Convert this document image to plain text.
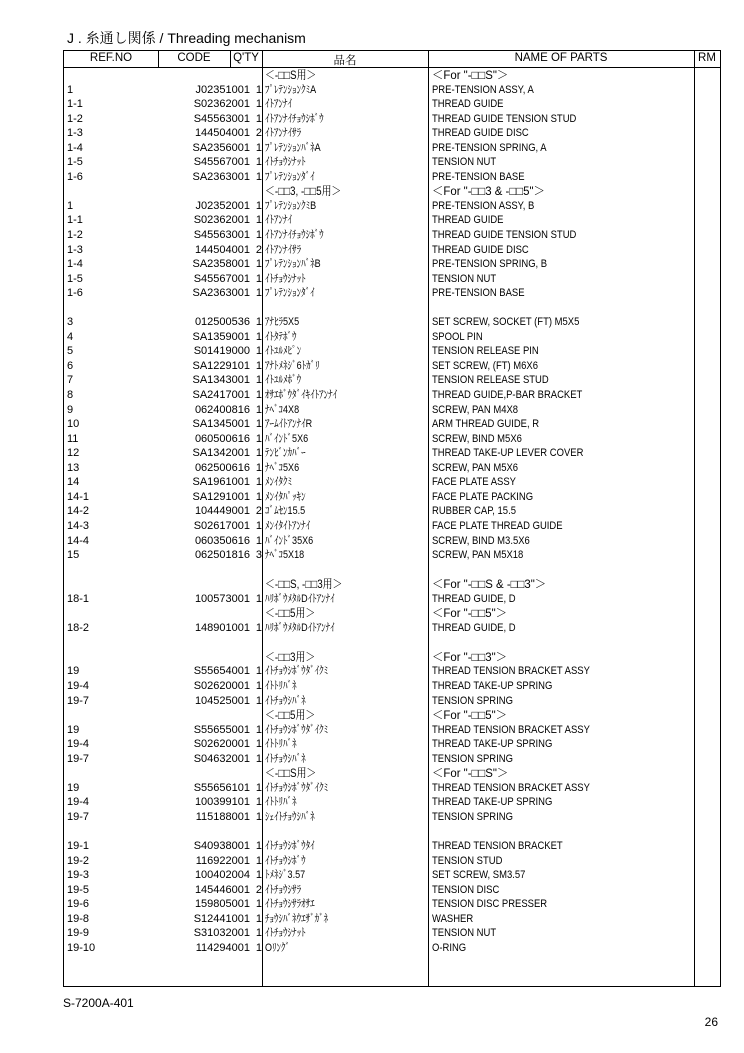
J . 糸通し関係 / Threading mechanism
REF.NO	CODE	Q'TY	品名	NAME OF PARTS	RM
＜-□□S用＞	＜For "-□□S"＞
1	J02351001 1 ﾌﾟﾚﾃﾝｼｮﾝｸﾐA	PRE-TENSION ASSY, A
1-1	S02362001 1 ｲﾄｱﾝﾅｲ	THREAD GUIDE
1-2	S45563001 1 ｲﾄｱﾝﾅｲﾁｮｳｼﾎﾞｳ	THREAD GUIDE TENSION STUD
1-3	144504001 2 ｲﾄｱﾝﾅｲｻﾗ	THREAD GUIDE DISC
1-4	SA2356001 1 ﾌﾟﾚﾃﾝｼｮﾝﾊﾞﾈA	PRE-TENSION SPRING, A
1-5	S45567001 1 ｲﾄﾁｮｳｼﾅｯﾄ	TENSION NUT
1-6	SA2363001 1 ﾌﾟﾚﾃﾝｼｮﾝﾀﾞｲ	PRE-TENSION BASE
＜-□□3, -□□5用＞	＜For "-□□3 & -□□5"＞
1	J02352001 1 ﾌﾟﾚﾃﾝｼｮﾝｸﾐB	PRE-TENSION ASSY, B
1-1	S02362001 1 ｲﾄｱﾝﾅｲ	THREAD GUIDE
1-2	S45563001 1 ｲﾄｱﾝﾅｲﾁｮｳｼﾎﾞｳ	THREAD GUIDE TENSION STUD
1-3	144504001 2 ｲﾄｱﾝﾅｲｻﾗ	THREAD GUIDE DISC
1-4	SA2358001 1 ﾌﾟﾚﾃﾝｼｮﾝﾊﾞﾈB	PRE-TENSION SPRING, B
1-5	S45567001 1 ｲﾄﾁｮｳｼﾅｯﾄ	TENSION NUT
1-6	SA2363001 1 ﾌﾟﾚﾃﾝｼｮﾝﾀﾞｲ	PRE-TENSION BASE
3	012500536 1 ｱﾅﾋﾗ5X5	SET SCREW, SOCKET (FT) M5X5
4	SA1359001 1 ｲﾄﾀﾃﾎﾞｳ	SPOOL PIN
5	S01419000 1 ｲﾄﾕﾙﾒﾋﾟﾝ	TENSION RELEASE PIN
6	SA1229101 1 ｱﾅﾄﾒﾈｼﾞ6ﾄｶﾞﾘ	SET SCREW, (FT) M6X6
7	SA1343001 1 ｲﾄﾕﾙﾒﾎﾞｳ	TENSION RELEASE STUD
8	SA2417001 1 ｵｻｴﾎﾞｳﾀﾞｲｷｲﾄｱﾝﾅｲ	THREAD GUIDE,P-BAR BRACKET
9	062400816 1 ﾅﾍﾞｺ4X8	SCREW, PAN M4X8
10	SA1345001 1 ｱｰﾑｲﾄｱﾝﾅｲR	ARM THREAD GUIDE, R
11	060500616 1 ﾊﾞｲﾝﾄﾞ5X6	SCREW, BIND M5X6
12	SA1342001 1 ﾃﾝﾋﾞﾝｶﾊﾞｰ	THREAD TAKE-UP LEVER COVER
13	062500616 1 ﾅﾍﾞｺ5X6	SCREW, PAN M5X6
14	SA1961001 1 ﾒﾝｲﾀｸﾐ	FACE PLATE ASSY
14-1	SA1291001 1 ﾒﾝｲﾀﾊﾟｯｷﾝ	FACE PLATE PACKING
14-2	104449001 2 ｺﾞﾑｾﾝ15.5	RUBBER CAP, 15.5
14-3	S02617001 1 ﾒﾝｲﾀｲﾄｱﾝﾅｲ	FACE PLATE THREAD GUIDE
14-4	060350616 1 ﾊﾞｲﾝﾄﾞ35X6	SCREW, BIND M3.5X6
15	062501816 3 ﾅﾍﾞｺ5X18	SCREW, PAN M5X18
＜-□□S, -□□3用＞	＜For "-□□S & -□□3"＞
18-1	100573001 1 ﾊﾘﾎﾞｳﾒﾀﾙDｲﾄｱﾝﾅｲ	THREAD GUIDE, D
＜-□□5用＞	＜For "-□□5"＞
18-2	148901001 1 ﾊﾘﾎﾞｳﾒﾀﾙDｲﾄｱﾝﾅｲ	THREAD GUIDE, D
＜-□□3用＞	＜For "-□□3"＞
19	S55654001 1 ｲﾄﾁｮｳｼﾎﾞｳﾀﾞｲｸﾐ	THREAD TENSION BRACKET ASSY
19-4	S02620001 1 ｲﾄﾄﾘﾊﾞﾈ	THREAD TAKE-UP SPRING
19-7	104525001 1 ｲﾄﾁｮｳｼﾊﾞﾈ	TENSION SPRING
＜-□□5用＞	＜For "-□□5"＞
19	S55655001 1 ｲﾄﾁｮｳｼﾎﾞｳﾀﾞｲｸﾐ	THREAD TENSION BRACKET ASSY
19-4	S02620001 1 ｲﾄﾄﾘﾊﾞﾈ	THREAD TAKE-UP SPRING
19-7	S04632001 1 ｲﾄﾁｮｳｼﾊﾞﾈ	TENSION SPRING
＜-□□S用＞	＜For "-□□S"＞
19	S55656101 1 ｲﾄﾁｮｳｼﾎﾞｳﾀﾞｲｸﾐ	THREAD TENSION BRACKET ASSY
19-4	100399101 1 ｲﾄﾄﾘﾊﾞﾈ	THREAD TAKE-UP SPRING
19-7	115188001 1 ｼｪｲﾄﾁｮｳｼﾊﾞﾈ	TENSION SPRING
19-1	S40938001 1 ｲﾄﾁｮｳｼﾎﾞｳﾀｲ	THREAD TENSION BRACKET
19-2	116922001 1 ｲﾄﾁｮｳｼﾎﾞｳ	TENSION STUD
19-3	100402004 1 ﾄﾒﾈｼﾞ3.57	SET SCREW, SM3.57
19-5	145446001 2 ｲﾄﾁｮｳｼｻﾗ	TENSION DISC
19-6	159805001 1 ｲﾄﾁｮｳｼｻﾗｵｻｴ	TENSION DISC PRESSER
19-8	S12441001 1 ﾁｮｳｼﾊﾞﾈｳｴｻﾞｶﾞﾈ	WASHER
19-9	S31032001 1 ｲﾄﾁｮｳｼﾅｯﾄ	TENSION NUT
19-10	114294001 1 Oﾘﾝｸﾞ	O-RING
S-7200A-401
26
